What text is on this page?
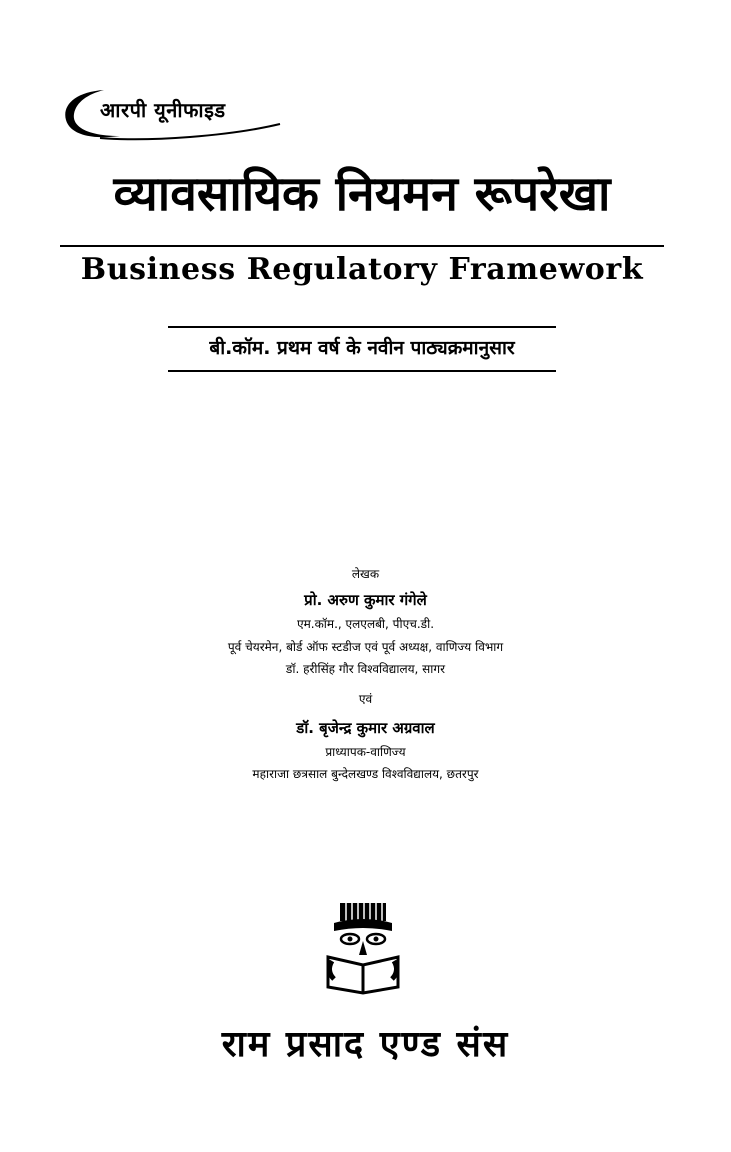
आरपी यूनीफाइड
व्यावसायिक नियमन रूपरेखा
Business Regulatory Framework
बी.कॉम. प्रथम वर्ष के नवीन पाठ्यक्रमानुसार
लेखक
प्रो. अरुण कुमार गंगेले
एम.कॉम., एलएलबी, पीएच.डी.
पूर्व चेयरमेन, बोर्ड ऑफ स्टडीज एवं पूर्व अध्यक्ष, वाणिज्य विभाग
डॉ. हरीसिंह गौर विश्वविद्यालय, सागर
एवं
डॉ. बृजेन्द्र कुमार अग्रवाल
प्राध्यापक-वाणिज्य
महाराजा छत्रसाल बुन्देलखण्ड विश्वविद्यालय, छतरपुर
राम प्रसाद एण्ड संस
